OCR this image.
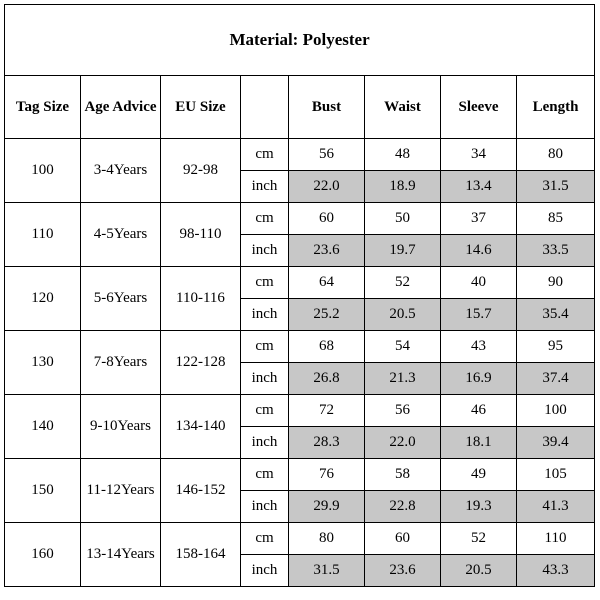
Material: Polyester							
Tag Size	Age Advice	EU Size		Bust	Waist	Sleeve	Length
100	3-4Years	92-98	cm	56	48	34	80
			inch	22.0	18.9	13.4	31.5
110	4-5Years	98-110	cm	60	50	37	85
			inch	23.6	19.7	14.6	33.5
120	5-6Years	110-116	cm	64	52	40	90
			inch	25.2	20.5	15.7	35.4
130	7-8Years	122-128	cm	68	54	43	95
			inch	26.8	21.3	16.9	37.4
140	9-10Years	134-140	cm	72	56	46	100
			inch	28.3	22.0	18.1	39.4
150	11-12Years	146-152	cm	76	58	49	105
			inch	29.9	22.8	19.3	41.3
160	13-14Years	158-164	cm	80	60	52	110
			inch	31.5	23.6	20.5	43.3
